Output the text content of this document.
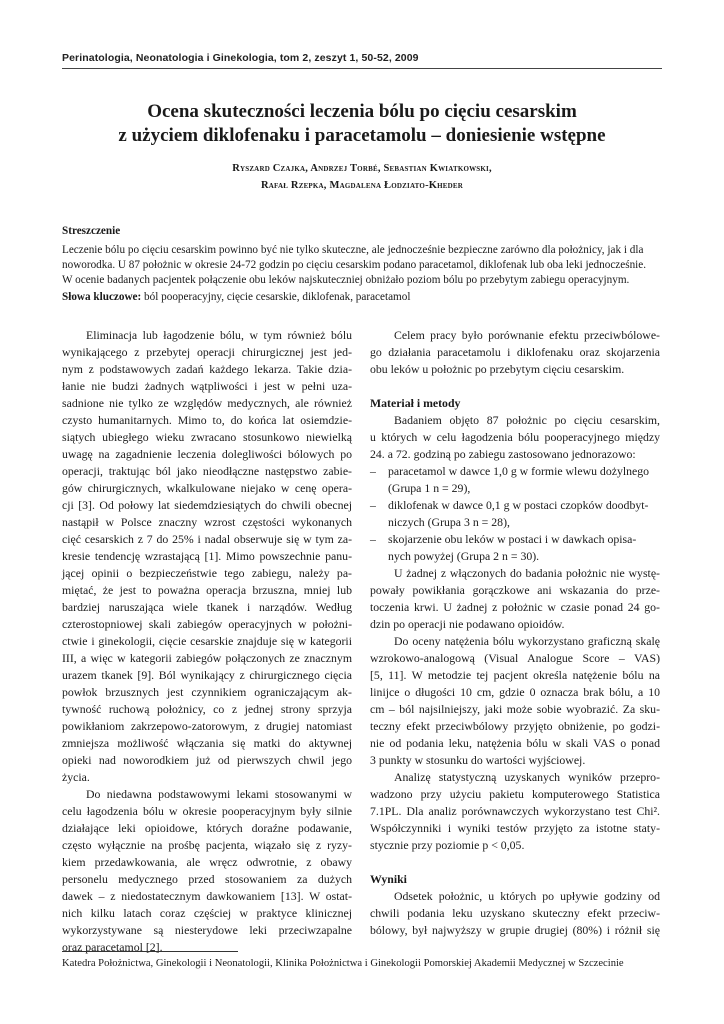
Perinatologia, Neonatologia i Ginekologia, tom 2, zeszyt 1, 50-52, 2009
Ocena skuteczności leczenia bólu po cięciu cesarskim
z użyciem diklofenaku i paracetamolu – doniesienie wstępne
Ryszard Czajka, Andrzej Torbé, Sebastian Kwiatkowski,
Rafał Rzepka, Magdalena Łodziato-Kheder
Streszczenie
Leczenie bólu po cięciu cesarskim powinno być nie tylko skuteczne, ale jednocześnie bezpieczne zarówno dla położnicy, jak i dla
noworodka. U 87 położnic w okresie 24-72 godzin po cięciu cesarskim podano paracetamol, diklofenak lub oba leki jednocześnie.
W ocenie badanych pacjentek połączenie obu leków najskuteczniej obniżało poziom bólu po przebytym zabiegu operacyjnym.
Słowa kluczowe: ból pooperacyjny, cięcie cesarskie, diklofenak, paracetamol
Eliminacja lub łagodzenie bólu, w tym również bólu
wynikającego z przebytej operacji chirurgicznej jest jed-
nym z podstawowych zadań każdego lekarza. Takie dzia-
łanie nie budzi żadnych wątpliwości i jest w pełni uza-
sadnione nie tylko ze względów medycznych, ale również
czysto humanitarnych. Mimo to, do końca lat osiemdzie-
siątych ubiegłego wieku zwracano stosunkowo niewielką
uwagę na zagadnienie leczenia dolegliwości bólowych po
operacji, traktując ból jako nieodłączne następstwo zabie-
gów chirurgicznych, wkalkulowane niejako w cenę opera-
cji [3]. Od połowy lat siedemdziesiątych do chwili obecnej
nastąpił w Polsce znaczny wzrost częstości wykonanych
cięć cesarskich z 7 do 25% i nadal obserwuje się w tym za-
kresie tendencję wzrastającą [1]. Mimo powszechnie panu-
jącej opinii o bezpieczeństwie tego zabiegu, należy pa-
miętać, że jest to poważna operacja brzuszna, mniej lub
bardziej naruszająca wiele tkanek i narządów. Według
czterostopniowej skali zabiegów operacyjnych w położni-
ctwie i ginekologii, cięcie cesarskie znajduje się w kategorii
III, a więc w kategorii zabiegów połączonych ze znacznym
urazem tkanek [9]. Ból wynikający z chirurgicznego cięcia
powłok brzusznych jest czynnikiem ograniczającym ak-
tywność ruchową położnicy, co z jednej strony sprzyja
powikłaniom zakrzepowo-zatorowym, z drugiej natomiast
zmniejsza możliwość włączania się matki do aktywnej
opieki nad noworodkiem już od pierwszych chwil jego
życia.
Do niedawna podstawowymi lekami stosowanymi w
celu łagodzenia bólu w okresie pooperacyjnym były silnie
działające leki opioidowe, których doraźne podawanie,
często wyłącznie na prośbę pacjenta, wiązało się z ryzy-
kiem przedawkowania, ale wręcz odwrotnie, z obawy
personelu medycznego przed stosowaniem za dużych
dawek – z niedostatecznym dawkowaniem [13]. W ostat-
nich kilku latach coraz częściej w praktyce klinicznej
wykorzystywane są niesterydowe leki przeciwzapalne
oraz paracetamol [2].
Celem pracy było porównanie efektu przeciwbólowe-
go działania paracetamolu i diklofenaku oraz skojarzenia
obu leków u położnic po przebytym cięciu cesarskim.
Materiał i metody
Badaniem objęto 87 położnic po cięciu cesarskim,
u których w celu łagodzenia bólu pooperacyjnego między
24. a 72. godziną po zabiegu zastosowano jednorazowo:
– paracetamol w dawce 1,0 g w formie wlewu dożylnego
(Grupa 1 n = 29),
– diklofenak w dawce 0,1 g w postaci czopków doodbyt-
niczych (Grupa 3 n = 28),
– skojarzenie obu leków w postaci i w dawkach opisa-
nych powyżej (Grupa 2 n = 30).
U żadnej z włączonych do badania położnic nie wystę-
powały powikłania gorączkowe ani wskazania do prze-
toczenia krwi. U żadnej z położnic w czasie ponad 24 go-
dzin po operacji nie podawano opioidów.
Do oceny natężenia bólu wykorzystano graficzną skalę
wzrokowo-analogową (Visual Analogue Score – VAS)
[5, 11]. W metodzie tej pacjent określa natężenie bólu na
linijce o długości 10 cm, gdzie 0 oznacza brak bólu, a 10
cm – ból najsilniejszy, jaki może sobie wyobrazić. Za sku-
teczny efekt przeciwbólowy przyjęto obniżenie, po godzi-
nie od podania leku, natężenia bólu w skali VAS o ponad
3 punkty w stosunku do wartości wyjściowej.
Analizę statystyczną uzyskanych wyników przepro-
wadzono przy użyciu pakietu komputerowego Statistica
7.1PL. Dla analiz porównawczych wykorzystano test Chi².
Współczynniki i wyniki testów przyjęto za istotne staty-
stycznie przy poziomie p < 0,05.
Wyniki
Odsetek położnic, u których po upływie godziny od
chwili podania leku uzyskano skuteczny efekt przeciw-
bólowy, był najwyższy w grupie drugiej (80%) i różnił się
Katedra Położnictwa, Ginekologii i Neonatologii, Klinika Położnictwa i Ginekologii Pomorskiej Akademii Medycznej w Szczecinie
